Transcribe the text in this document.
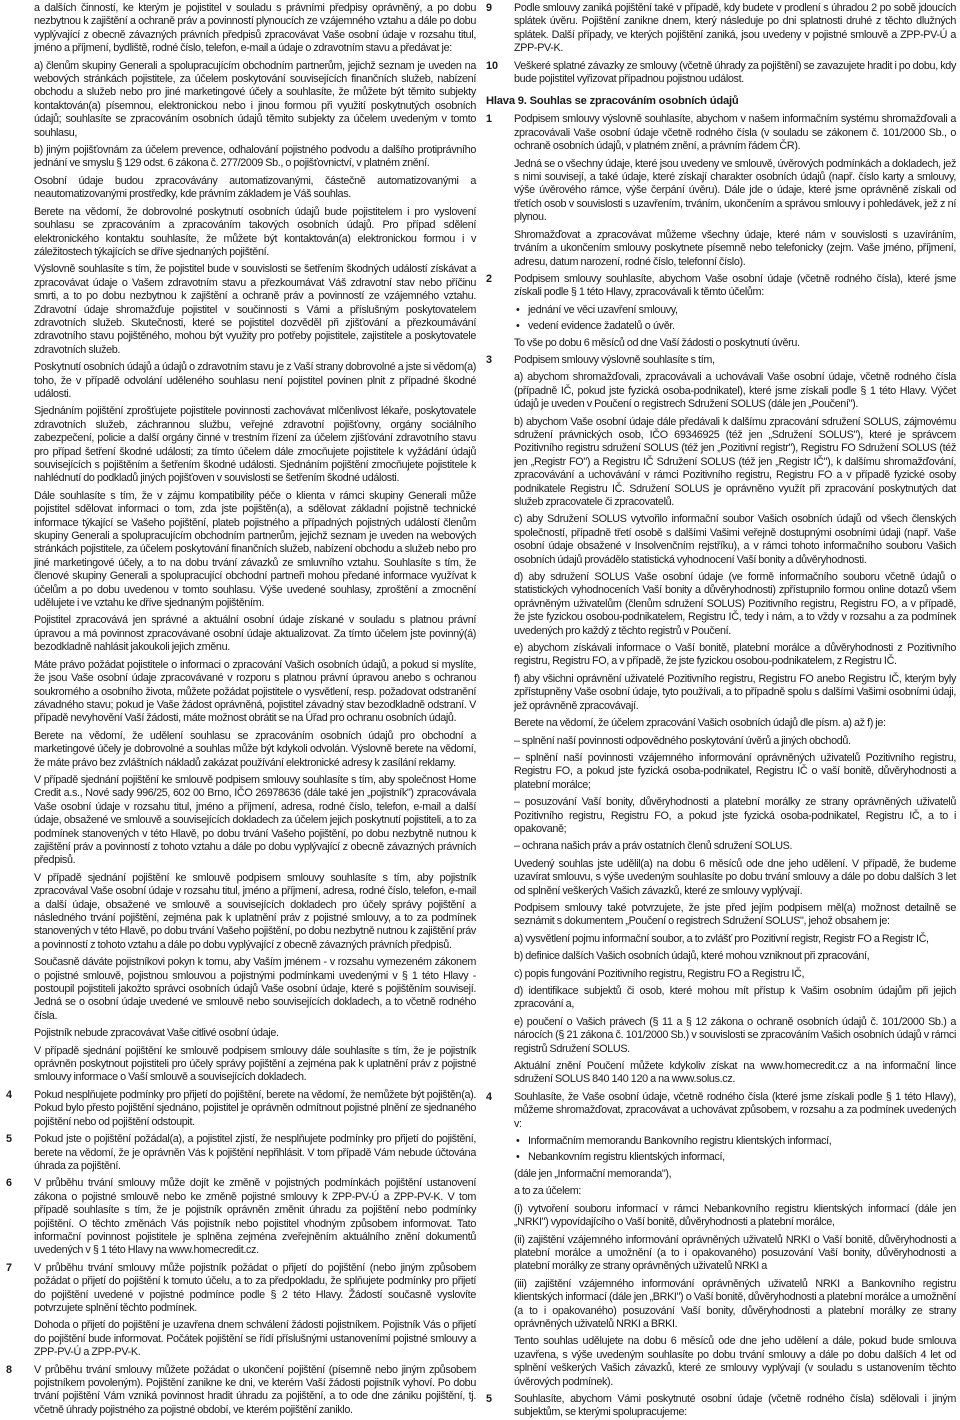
a dalších činností, ke kterým je pojistitel v souladu s právními předpisy oprávněný, a po dobu nezbytnou k zajištění a ochraně práv a povinností plynoucích ze vzájemného vztahu a dále po dobu vyplývající z obecně závazných právních předpisů zpracovávat Vaše osobní údaje v rozsahu titul, jméno a příjmení, bydliště, rodné číslo, telefon, e-mail a údaje o zdravotním stavu a předávat je:

a) členům skupiny Generali a spolupracujícím obchodním partnerům, jejichž seznam je uveden na webových stránkách pojistitele, za účelem poskytování souvisejících finančních služeb, nabízení obchodu a služeb nebo pro jiné marketingové účely a souhlasíte, že můžete být těmito subjekty kontaktován(a) písemnou, elektronickou nebo i jinou formou při využití poskytnutých osobních údajů; souhlasíte se zpracováním osobních údajů těmito subjekty za účelem uvedeným v tomto souhlasu,

b) jiným pojišťovnám za účelem prevence, odhalování pojistného podvodu a dalšího protiprávního jednání ve smyslu § 129 odst. 6 zákona č. 277/2009 Sb., o pojišťovnictví, v platném znění.

Osobní údaje budou zpracovávány automatizovanými, částečně automatizovanými a neautomatizovanými prostředky, kde právním základem je Váš souhlas.

Berete na vědomí, že dobrovolné poskytnutí osobních údajů bude pojistitelem i pro vyslovení souhlasu se zpracováním a zpracováním takových osobních údajů. Pro případ sdělení elektronického kontaktu souhlasíte, že můžete být kontaktován(a) elektronickou formou i v záležitostech týkajících se dříve sjednaných pojištění.

Výslovně souhlasíte s tím, že pojistitel bude v souvislosti se šetřením škodných událostí získávat a zpracovávat údaje o Vašem zdravotním stavu a přezkoumávat Váš zdravotní stav nebo příčinu smrti, a to po dobu nezbytnou k zajištění a ochraně práv a povinností ze vzájemného vztahu. Zdravotní údaje shromažďuje pojistitel v součinnosti s Vámi a příslušným poskytovatelem zdravotních služeb. Skutečnosti, které se pojistitel dozvěděl při zjišťování a přezkoumávání zdravotního stavu pojištěného, mohou být využity pro potřeby pojistitele, zajistitele a poskytovatele zdravotních služeb.

Poskytnutí osobních údajů a údajů o zdravotním stavu je z Vaší strany dobrovolné a jste si vědom(a) toho, že v případě odvolání uděleného souhlasu není pojistitel povinen plnit z případné škodné události.

Sjednáním pojištění zprošťujete pojistitele povinnosti zachovávat mlčenlivost lékaře, poskytovatele zdravotních služeb, záchrannou službu, veřejné zdravotní pojišťovny, orgány sociálního zabezpečení, policie a další orgány činné v trestním řízení za účelem zjišťování zdravotního stavu pro případ šetření škodné události; za tímto účelem dále zmocňujete pojistitele k vyžádání údajů souvisejících s pojištěním a šetřením škodné události. Sjednáním pojištění zmocňujete pojistitele k nahlédnutí do podkladů jiných pojišťoven v souvislosti se šetřením škodné události.

Dále souhlasíte s tím, že v zájmu kompatibility péče o klienta v rámci skupiny Generali může pojistitel sdělovat informaci o tom, zda jste pojištěn(a), a sdělovat základní pojistně technické informace týkající se Vašeho pojištění, plateb pojistného a případných pojistných událostí členům skupiny Generali a spolupracujícím obchodním partnerům, jejichž seznam je uveden na webových stránkách pojistitele, za účelem poskytování finančních služeb, nabízení obchodu a služeb nebo pro jiné marketingové účely, a to na dobu trvání závazků ze smluvního vztahu. Souhlasíte s tím, že členové skupiny Generali a spolupracující obchodní partneři mohou předané informace využívat k účelům a po dobu uvedenou v tomto souhlasu. Výše uvedené souhlasy, zproštění a zmocnění udělujete i ve vztahu ke dříve sjednaným pojištěním.

Pojistitel zpracovává jen správné a aktuální osobní údaje získané v souladu s platnou právní úpravou a má povinnost zpracovávané osobní údaje aktualizovat. Za tímto účelem jste povinný(á) bezodkladně nahlásit jakoukoli jejich změnu.

Máte právo požádat pojistitele o informaci o zpracování Vašich osobních údajů, a pokud si myslíte, že jsou Vaše osobní údaje zpracovávané v rozporu s platnou právní úpravou anebo s ochranou soukromého a osobního života, můžete požádat pojistitele o vysvětlení, resp. požadovat odstranění závadného stavu; pokud je Vaše žádost oprávněná, pojistitel závadný stav bezodkladně odstraní. V případě nevyhovění Vaší žádosti, máte možnost obrátit se na Úřad pro ochranu osobních údajů.

Berete na vědomí, že udělení souhlasu se zpracováním osobních údajů pro obchodní a marketingové účely je dobrovolné a souhlas může být kdykoli odvolán. Výslovně berete na vědomí, že máte právo bez zvláštních nákladů zakázat používání elektronické adresy k zasílání reklamy.

V případě sjednání pojištění ke smlouvě podpisem smlouvy souhlasíte s tím, aby společnost Home Credit a.s., Nové sady 996/25, 602 00 Brno, IČO 26978636 (dále také jen „pojistník") zpracovávala Vaše osobní údaje v rozsahu titul, jméno a příjmení, adresa, rodné číslo, telefon, e-mail a další údaje, obsažené ve smlouvě a souvisejících dokladech za účelem jejich poskytnutí pojistiteli, a to za podmínek stanovených v této Hlavě, po dobu trvání Vašeho pojištění, po dobu nezbytně nutnou k zajištění práv a povinností z tohoto vztahu a dále po dobu vyplývající z obecně závazných právních předpisů.

V případě sjednání pojištění ke smlouvě podpisem smlouvy souhlasíte s tím, aby pojistník zpracovával Vaše osobní údaje v rozsahu titul, jméno a příjmení, adresa, rodné číslo, telefon, e-mail a další údaje, obsažené ve smlouvě a souvisejících dokladech pro účely správy pojištění a následného trvání pojištění, zejména pak k uplatnění práv z pojistné smlouvy, a to za podmínek stanovených v této Hlavě, po dobu trvání Vašeho pojištění, po dobu nezbytně nutnou k zajištění práv a povinností z tohoto vztahu a dále po dobu vyplývající z obecně závazných právních předpisů.

Současně dáváte pojistníkovi pokyn k tomu, aby Vaším jménem - v rozsahu vymezeném zákonem o pojistné smlouvě, pojistnou smlouvou a pojistnými podmínkami uvedenými v § 1 této Hlavy - postoupil pojistiteli jakožto správci osobních údajů Vaše osobní údaje, které s pojištěním souvisejí. Jedná se o osobní údaje uvedené ve smlouvě nebo souvisejících dokladech, a to včetně rodného čísla.

Pojistník nebude zpracovávat Vaše citlivé osobní údaje.

V případě sjednání pojištění ke smlouvě podpisem smlouvy dále souhlasíte s tím, že je pojistník oprávněn poskytnout pojistiteli pro účely správy pojištění a zejména pak k uplatnění práv z pojistné smlouvy informace o Vaší smlouvě a souvisejících dokladech.

4	Pokud nesplňujete podmínky pro přijetí do pojištění, berete na vědomí, že nemůžete být pojištěn(a). Pokud bylo přesto pojištění sjednáno, pojistitel je oprávněn odmítnout pojistné plnění ze sjednaného pojištění nebo od pojištění odstoupit.

5	Pokud jste o pojištění požádal(a), a pojistitel zjistí, že nesplňujete podmínky pro přijetí do pojištění, berete na vědomí, že je oprávněn Vás k pojištění nepřihlásit. V tom případě Vám nebude účtována úhrada za pojištění.

6	V průběhu trvání smlouvy může dojít ke změně v pojistných podmínkách pojištění ustanovení zákona o pojistné smlouvě nebo ke změně pojistné smlouvy k ZPP-PV-Ú a ZPP-PV-K. V tom případě souhlasíte s tím, že je pojistník oprávněn změnit úhradu za pojištění nebo podmínky pojištění. O těchto změnách Vás pojistník nebo pojistitel vhodným způsobem informovat. Tato informační povinnost pojistitele je splněna zejména zveřejněním aktuálního znění dokumentů uvedených v § 1 této Hlavy na www.homecredit.cz.

7	V průběhu trvání smlouvy může pojistník požádat o přijetí do pojištění (nebo jiným způsobem požádat o přijetí do pojištění k tomuto účelu, a to za předpokladu, že splňujete podmínky pro přijetí do pojištění uvedené v pojistné podmínce podle § 2 této Hlavy. Žádostí současně vyslovíte potvrzujete splnění těchto podmínek.

Dohoda o přijetí do pojištění je uzavřena dnem schválení žádosti pojistníkem. Pojistník Vás o přijetí do pojištění bude informovat. Počátek pojištění se řídí příslušnými ustanoveními pojistné smlouvy a ZPP-PV-Ú a ZPP-PV-K.

8	V průběhu trvání smlouvy můžete požádat o ukončení pojištění (písemně nebo jiným způsobem pojistníkem povoleným). Pojištění zanikne ke dni, ve kterém Vaší žádosti pojistník vyhoví. Po dobu trvání pojištění Vám vzniká povinnost hradit úhradu za pojištění, a to ode dne zániku pojištění, tj. včetně úhrady pojistného za pojistné období, ve kterém pojištění zaniklo.

9	Podle smlouvy zaniká pojištění také v případě, kdy budete v prodlení s úhradou 2 po sobě jdoucích splátek úvěru. Pojištění zanikne dnem, který následuje po dni splatnosti druhé z těchto dlužných splátek. Další případy, ve kterých pojištění zaniká, jsou uvedeny v pojistné smlouvě a ZPP-PV-Ú a ZPP-PV-K.

10	Veškeré splatné závazky ze smlouvy (včetně úhrady za pojištění) se zavazujete hradit i po dobu, kdy bude pojistitel vyřizovat případnou pojistnou událost.

Hlava 9. Souhlas se zpracováním osobních údajů
1	Podpisem smlouvy výslovně souhlasíte, abychom v našem informačním systému shromažďovali a zpracovávali Vaše osobní údaje včetně rodného čísla (v souladu se zákonem č. 101/2000 Sb., o ochraně osobních údajů, v platném znění, a právním řádem ČR).

Jedná se o všechny údaje, které jsou uvedeny ve smlouvě, úvěrových podmínkách a dokladech, jež s nimi souvisejí, a také údaje, které získají charakter osobních údajů (např. číslo karty a smlouvy, výše úvěrového rámce, výše čerpání úvěru). Dále jde o údaje, které jsme oprávněně získali od třetích osob v souvislosti s uzavřením, trváním, ukončením a správou smlouvy i pohledávek, jež z ní plynou.

Shromažďovat a zpracovávat můžeme všechny údaje, které nám v souvislosti s uzavíráním, trváním a ukončením smlouvy poskytnete písemně nebo telefonicky (zejm. Vaše jméno, příjmení, adresu, datum narození, rodné číslo, telefonní číslo).

2	Podpisem smlouvy souhlasíte, abychom Vaše osobní údaje (včetně rodného čísla), které jsme získali podle § 1 této Hlavy, zpracovávali k těmto účelům:

• jednání ve věci uzavření smlouvy,
• vedení evidence žadatelů o úvěr.

To vše po dobu 6 měsíců od dne Vaší žádosti o poskytnutí úvěru.

3	Podpisem smlouvy výslovně souhlasíte s tím,

a) abychom shromažďovali, zpracovávali a uchovávali Vaše osobní údaje, včetně rodného čísla (případně IČ, pokud jste fyzická osoba-podnikatel), které jsme získali podle § 1 této Hlavy. Výčet údajů je uveden v Poučení o registrech Sdružení SOLUS (dále jen „Poučení").

b) abychom Vaše osobní údaje dále předávali k dalšímu zpracování sdružení SOLUS, zájmovému sdružení právnických osob, IČO 69346925 (též jen „Sdružení SOLUS"), které je správcem Pozitivního registru sdružení SOLUS (též jen „Pozitivní registr"), Registru FO Sdružení SOLUS (též jen „Registr FO") a Registru IČ Sdružení SOLUS (též jen „Registr IČ"), k dalšímu shromažďování, zpracovávání a uchovávání v rámci Pozitivního registru, Registru FO a v případě fyzické osoby podnikatele Registru IČ. Sdružení SOLUS je oprávněno využít při zpracování poskytnutých dat služeb zpracovatele či zpracovatelů.

c) aby Sdružení SOLUS vytvořilo informační soubor Vašich osobních údajů od všech členských společností, případně třetí osobě s dalšími Vašimi veřejně dostupnými osobními údaji (např. Vaše osobní údaje obsažené v Insolvenčním rejstříku), a v rámci tohoto informačního souboru Vašich osobních údajů provádělo statistická vyhodnocení Vaší bonity a důvěryhodnosti.

d) aby sdružení SOLUS Vaše osobní údaje (ve formě informačního souboru včetně údajů o statistických vyhodnoceních Vaší bonity a důvěryhodnosti) zpřístupnilo formou online dotazů všem oprávněným uživatelům (členům sdružení SOLUS) Pozitivního registru, Registru FO, a v případě, že jste fyzickou osobou-podnikatelem, Registru IČ, tedy i nám, a to vždy v rozsahu a za podmínek uvedených pro každý z těchto registrů v Poučení.

e) abychom získávali informace o Vaší bonitě, platební morálce a důvěryhodnosti z Pozitivního registru, Registru FO, a v případě, že jste fyzickou osobou-podnikatelem, z Registru IČ.

f) aby všichni oprávnění uživatelé Pozitivního registru, Registru FO anebo Registru IČ, kterým byly zpřístupněny Vaše osobní údaje, tyto používali, a to případně spolu s dalšími Vašimi osobními údaji, jež oprávněně zpracovávají.

Berete na vědomí, že účelem zpracování Vašich osobních údajů dle písm. a) až f) je:

– splnění naší povinnosti odpovědného poskytování úvěrů a jiných obchodů.

– splnění naší povinnosti vzájemného informování oprávněných uživatelů Pozitivního registru, Registru FO, a pokud jste fyzická osoba-podnikatel, Registru IČ o vaší bonitě, důvěryhodnosti a platební morálce;

– posuzování Vaší bonity, důvěryhodnosti a platební morálky ze strany oprávněných uživatelů Pozitivního registru, Registru FO, a pokud jste fyzická osoba-podnikatel, Registru IČ, a to i opakovaně;

– ochrana našich práv a práv ostatních členů sdružení SOLUS.

Uvedený souhlas jste udělil(a) na dobu 6 měsíců ode dne jeho udělení. V případě, že budeme uzavírat smlouvu, s výše uvedeným souhlasíte po dobu trvání smlouvy a dále po dobu dalších 3 let od splnění veškerých Vašich závazků, které ze smlouvy vyplývají.

Podpisem smlouvy také potvrzujete, že jste před jejím podpisem měl(a) možnost detailně se seznámit s dokumentem „Poučení o registrech Sdružení SOLUS", jehož obsahem je:

a) vysvětlení pojmu informační soubor, a to zvlášť pro Pozitivní registr, Registr FO a Registr IČ,

b) definice dalších Vašich osobních údajů, které mohou vzniknout při zpracování,

c) popis fungování Pozitivního registru, Registru FO a Registru IČ,

d) identifikace subjektů či osob, které mohou mít přístup k Vašim osobním údajům při jejich zpracování a,

e) poučení o Vašich právech (§ 11 a § 12 zákona o ochraně osobních údajů č. 101/2000 Sb.) a nárocích (§ 21 zákona č. 101/2000 Sb.) v souvislosti se zpracováním Vašich osobních údajů v rámci registrů Sdružení SOLUS.

Aktuální znění Poučení můžete kdykoliv získat na www.homecredit.cz a na informační lince sdružení SOLUS 840 140 120 a na www.solus.cz.

4	Souhlasíte, že Vaše osobní údaje, včetně rodného čísla (které jsme získali podle § 1 této Hlavy), můžeme shromažďovat, zpracovávat a uchovávat způsobem, v rozsahu a za podmínek uvedených v:

• Informačním memorandu Bankovního registru klientských informací,
• Nebankovním registru klientských informací,

(dále jen „Informační memoranda"),

a to za účelem:

(i) vytvoření souboru informací v rámci Nebankovního registru klientských informací (dále jen „NRKI") vypovídajícího o Vaší bonitě, důvěryhodnosti a platební morálce,

(ii) zajištění vzájemného informování oprávněných uživatelů NRKI o Vaší bonitě, důvěryhodnosti a platební morálce a umožnění (a to i opakovaného) posuzování Vaší bonity, důvěryhodnosti a platební morálky ze strany oprávněných uživatelů NRKI a

(iii) zajištění vzájemného informování oprávněných uživatelů NRKI a Bankovního registru klientských informací (dále jen „BRKI") o Vaší bonitě, důvěryhodnosti a platební morálce a umožnění (a to i opakovaného) posuzování Vaší bonity, důvěryhodnosti a platební morálky ze strany oprávněných uživatelů NRKI a BRKI.

Tento souhlas udělujete na dobu 6 měsíců ode dne jeho udělení a dále, pokud bude smlouva uzavřena, s výše uvedeným souhlasíte po dobu trvání smlouvy a dále po dobu dalších 4 let od splnění veškerých Vašich závazků, které ze smlouvy vyplývají (v souladu s ustanovením těchto úvěrových podmínek).

5	Souhlasíte, abychom Vámi poskytnuté osobní údaje (včetně rodného čísla) sdělovali i jiným subjektům, se kterými spolupracujeme:
